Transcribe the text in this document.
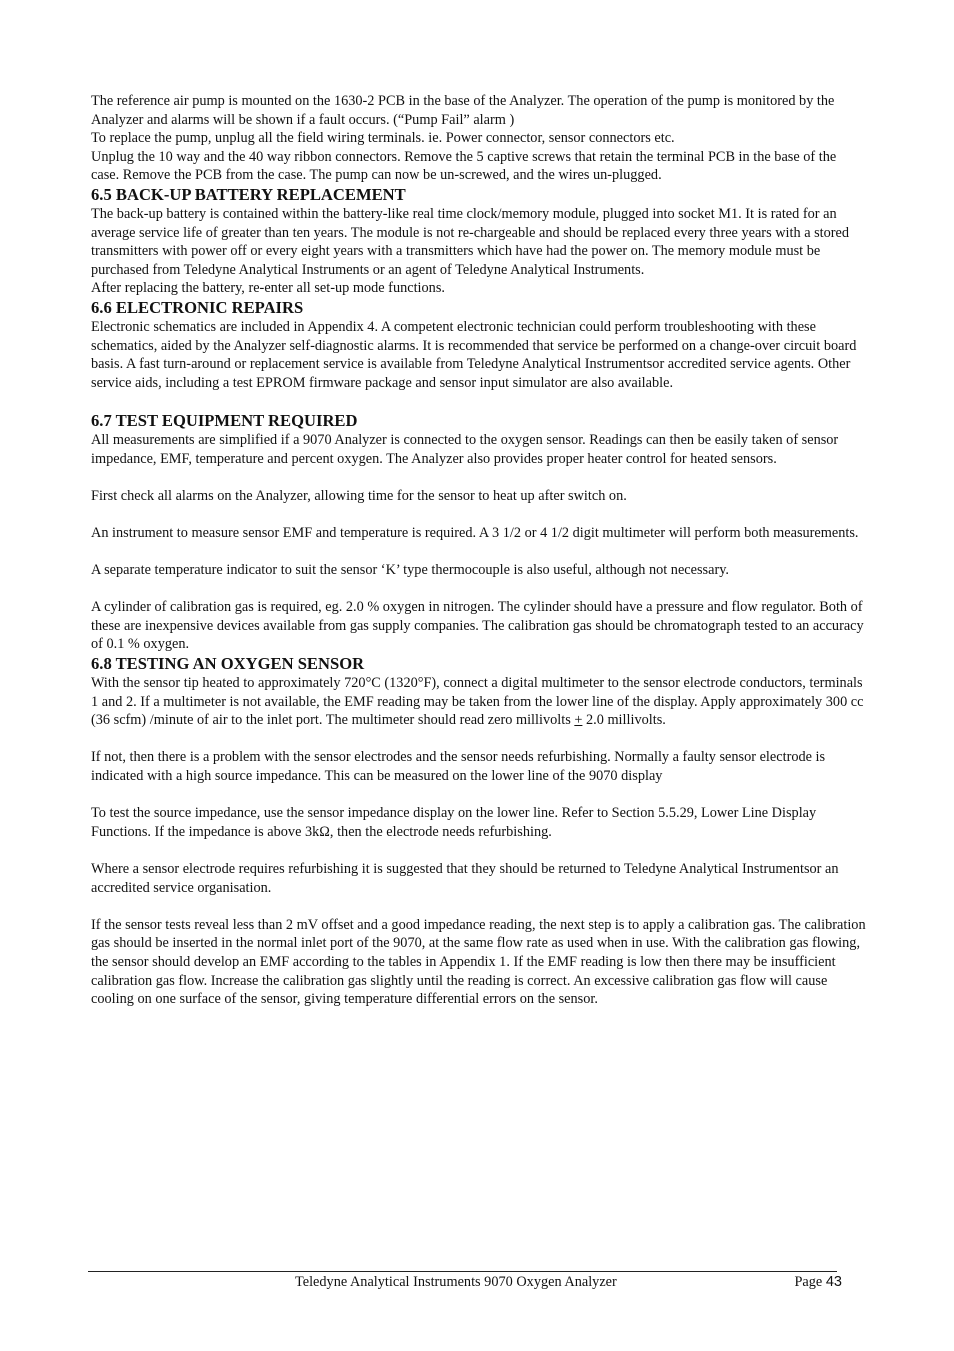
The reference air pump is mounted on the 1630-2 PCB in the base of the Analyzer. The operation of the pump is monitored by the Analyzer and alarms will be shown if a fault occurs. (“Pump Fail” alarm )

To replace the pump, unplug all the field wiring terminals. ie. Power connector, sensor connectors etc.

Unplug the 10 way and the 40 way ribbon connectors. Remove the 5 captive screws that retain the terminal PCB in the base of the case. Remove the PCB from the case. The pump can now be un-screwed, and the wires un-plugged.

6.5 BACK-UP BATTERY REPLACEMENT

The back-up battery is contained within the battery-like real time clock/memory module, plugged into socket M1. It is rated for an average service life of greater than ten years. The module is not re-chargeable and should be replaced every three years with a stored transmitters with power off or every eight years with a transmitters which have had the power on. The memory module must be purchased from Teledyne Analytical Instruments or an agent of Teledyne Analytical Instruments.

After replacing the battery, re-enter all set-up mode functions.

6.6 ELECTRONIC REPAIRS

Electronic schematics are included in Appendix 4. A competent electronic technician could perform troubleshooting with these schematics, aided by the Analyzer self-diagnostic alarms. It is recommended that service be performed on a change-over circuit board basis. A fast turn-around or replacement service is available from Teledyne Analytical Instrumentsor accredited service agents. Other service aids, including a test EPROM firmware package and sensor input simulator are also available.

6.7 TEST EQUIPMENT REQUIRED

All measurements are simplified if a 9070 Analyzer is connected to the oxygen sensor. Readings can then be easily taken of sensor impedance, EMF, temperature and percent oxygen. The Analyzer also provides proper heater control for heated sensors.

First check all alarms on the Analyzer, allowing time for the sensor to heat up after switch on.

An instrument to measure sensor EMF and temperature is required. A 3 1/2 or 4 1/2 digit multimeter will perform both measurements.

A separate temperature indicator to suit the sensor ‘K’ type thermocouple is also useful, although not necessary.

A cylinder of calibration gas is required, eg. 2.0 % oxygen in nitrogen. The cylinder should have a pressure and flow regulator. Both of these are inexpensive devices available from gas supply companies. The calibration gas should be chromatograph tested to an accuracy of 0.1 % oxygen.

6.8 TESTING AN OXYGEN SENSOR

With the sensor tip heated to approximately 720°C (1320°F), connect a digital multimeter to the sensor electrode conductors, terminals 1 and 2. If a multimeter is not available, the EMF reading may be taken from the lower line of the display. Apply approximately 300 cc (36 scfm) /minute of air to the inlet port. The multimeter should read zero millivolts + 2.0 millivolts.

If not, then there is a problem with the sensor electrodes and the sensor needs refurbishing. Normally a faulty sensor electrode is indicated with a high source impedance. This can be measured on the lower line of the 9070 display

To test the source impedance, use the sensor impedance display on the lower line. Refer to Section 5.5.29, Lower Line Display Functions. If the impedance is above 3kΩ, then the electrode needs refurbishing.

Where a sensor electrode requires refurbishing it is suggested that they should be returned to Teledyne Analytical Instrumentsor an accredited service organisation.

If the sensor tests reveal less than 2 mV offset and a good impedance reading, the next step is to apply a calibration gas. The calibration gas should be inserted in the normal inlet port of the 9070, at the same flow rate as used when in use. With the calibration gas flowing, the sensor should develop an EMF according to the tables in Appendix 1. If the EMF reading is low then there may be insufficient calibration gas flow. Increase the calibration gas slightly until the reading is correct. An excessive calibration gas flow will cause cooling on one surface of the sensor, giving temperature differential errors on the sensor.

Teledyne Analytical Instruments 9070 Oxygen Analyzer	Page 43
